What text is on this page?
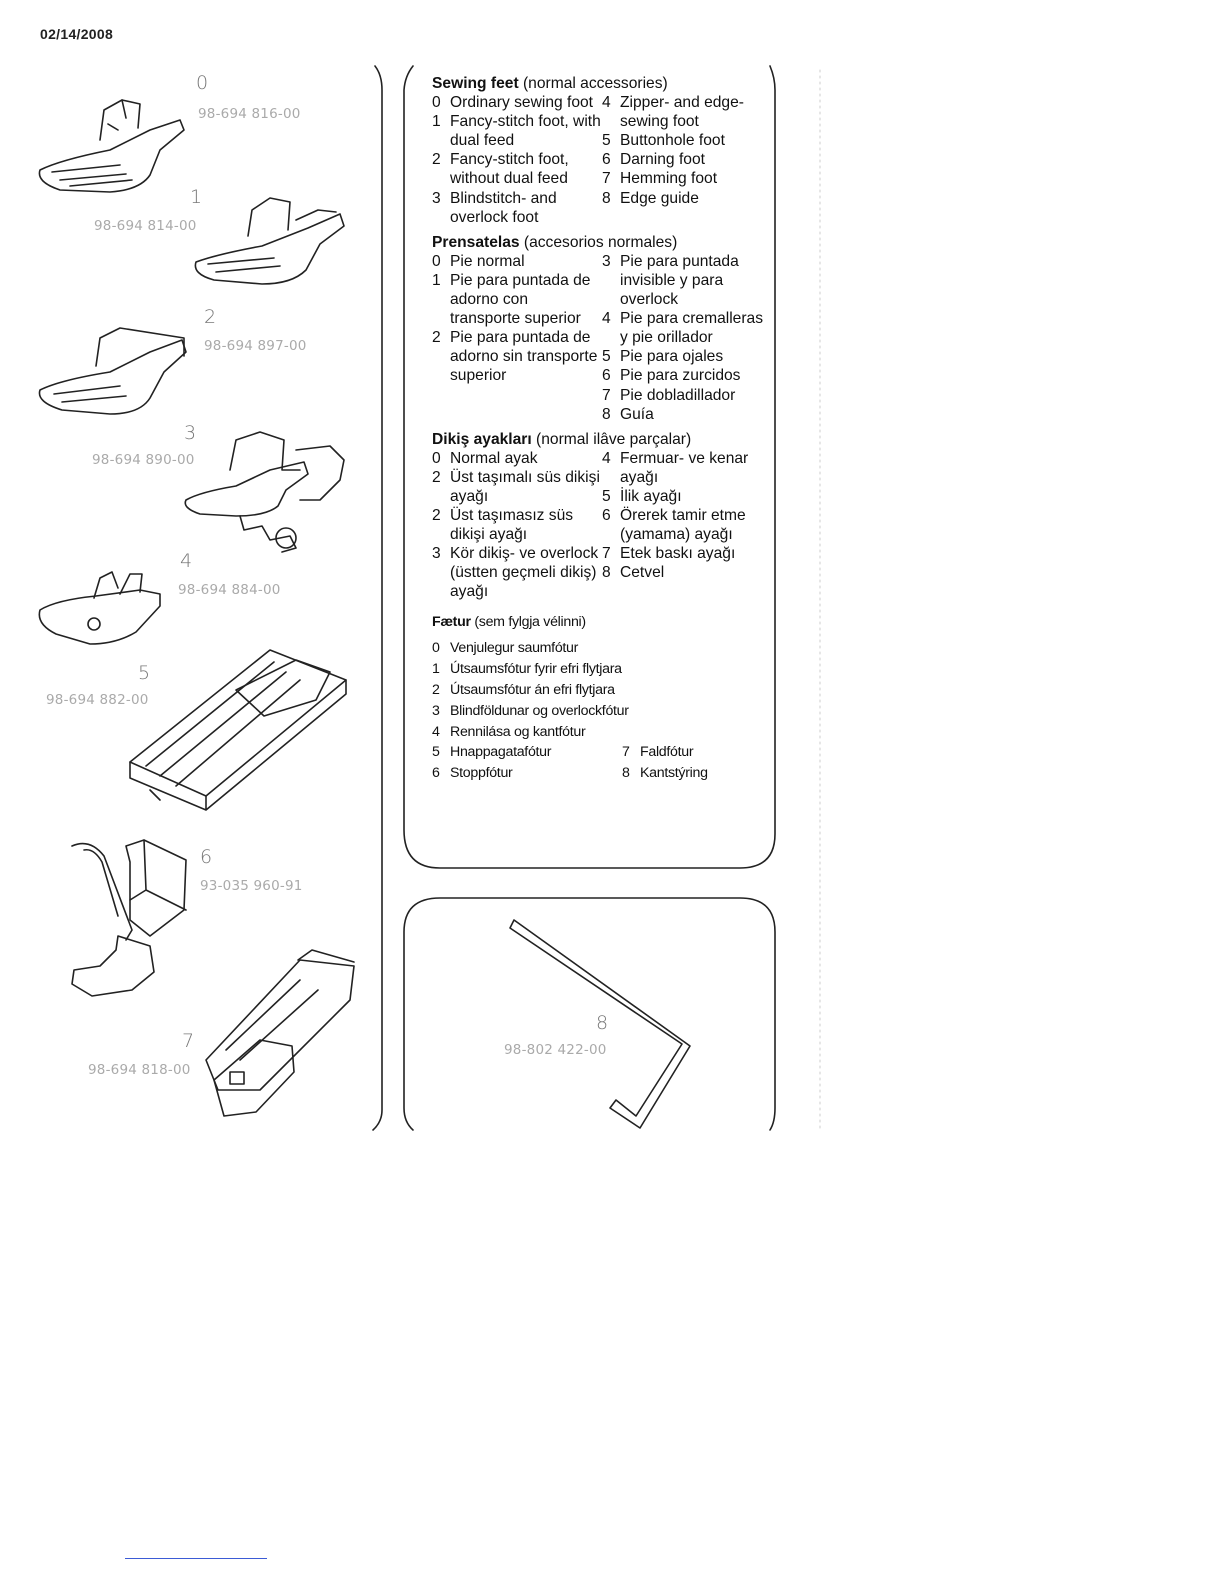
02/14/2008
0
98-694 816-00
1
98-694 814-00
2
98-694 897-00
3
98-694 890-00
4
98-694 884-00
5
98-694 882-00
6
93-035 960-91
7
98-694 818-00
8
98-802 422-00
Sewing feet (normal accessories)
0 Ordinary sewing foot
1 Fancy-stitch foot, with dual feed
2 Fancy-stitch foot, without dual feed
3 Blindstitch- and overlock foot
4 Zipper- and edge-sewing foot
5 Buttonhole foot
6 Darning foot
7 Hemming foot
8 Edge guide
Prensatelas (accesorios normales)
0 Pie normal
1 Pie para puntada de adorno con transporte superior
2 Pie para puntada de adorno sin transporte superior
3 Pie para puntada invisible y para overlock
4 Pie para cremalleras y pie orillador
5 Pie para ojales
6 Pie para zurcidos
7 Pie dobladillador
8 Guía
Dikiş ayakları (normal ilâve parçalar)
0 Normal ayak
2 Üst taşımalı süs dikişi ayağı
2 Üst taşımasız süs dikişi ayağı
3 Kör dikiş- ve overlock (üstten geçmeli dikiş) ayağı
4 Fermuar- ve kenar ayağı
5 İlik ayağı
6 Örerek tamir etme (yamama) ayağı
7 Etek baskı ayağı
8 Cetvel
Fætur (sem fylgja vélinni)
0 Venjulegur saumfótur
1 Útsaumsfótur fyrir efri flytjara
2 Útsaumsfótur án efri flytjara
3 Blindföldunar og overlockfótur
4 Rennilása og kantfótur
5 Hnappagatafótur
6 Stoppfótur
7 Faldfótur
8 Kantstýring
